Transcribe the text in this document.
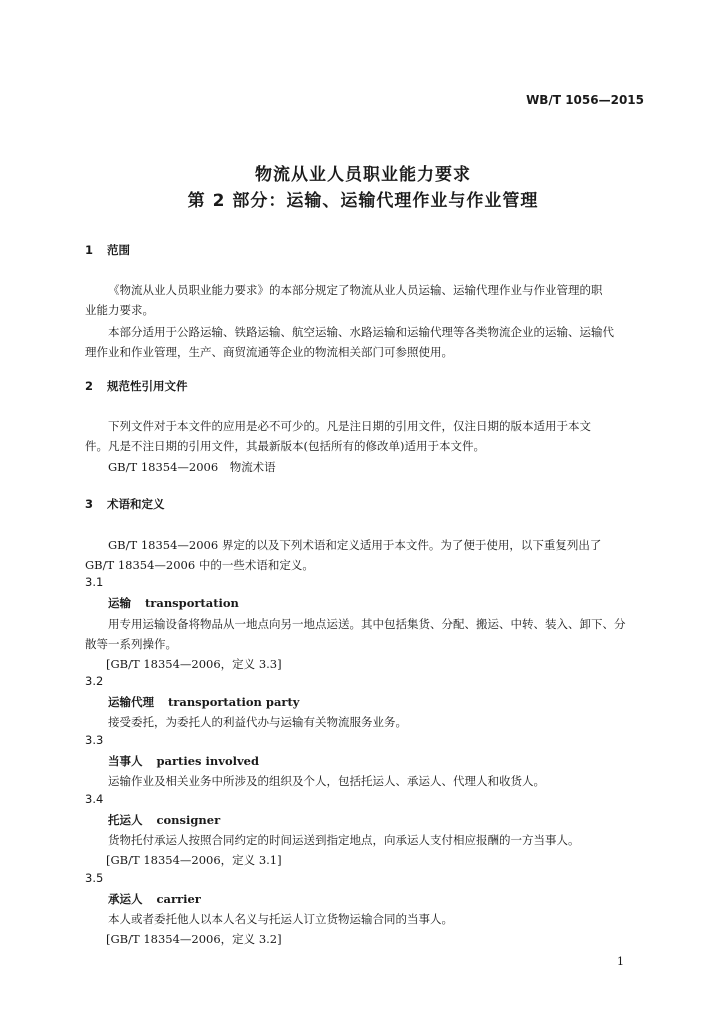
WB/T 1056—2015
物流从业人员职业能力要求
第 2 部分：运输、运输代理作业与作业管理
1 范围
《物流从业人员职业能力要求》的本部分规定了物流从业人员运输、运输代理作业与作业管理的职
业能力要求。
本部分适用于公路运输、铁路运输、航空运输、水路运输和运输代理等各类物流企业的运输、运输代
理作业和作业管理，生产、商贸流通等企业的物流相关部门可参照使用。
2 规范性引用文件
下列文件对于本文件的应用是必不可少的。凡是注日期的引用文件，仅注日期的版本适用于本文
件。凡是不注日期的引用文件，其最新版本(包括所有的修改单)适用于本文件。
GB/T 18354—2006　物流术语
3 术语和定义
GB/T 18354—2006 界定的以及下列术语和定义适用于本文件。为了便于使用，以下重复列出了
GB/T 18354—2006 中的一些术语和定义。
3.1
运输 transportation
用专用运输设备将物品从一地点向另一地点运送。其中包括集货、分配、搬运、中转、装入、卸下、分
散等一系列操作。
[GB/T 18354—2006，定义 3.3]
3.2
运输代理 transportation party
接受委托，为委托人的利益代办与运输有关物流服务业务。
3.3
当事人 parties involved
运输作业及相关业务中所涉及的组织及个人，包括托运人、承运人、代理人和收货人。
3.4
托运人 consigner
货物托付承运人按照合同约定的时间运送到指定地点，向承运人支付相应报酬的一方当事人。
[GB/T 18354—2006，定义 3.1]
3.5
承运人 carrier
本人或者委托他人以本人名义与托运人订立货物运输合同的当事人。
[GB/T 18354—2006，定义 3.2]
1
